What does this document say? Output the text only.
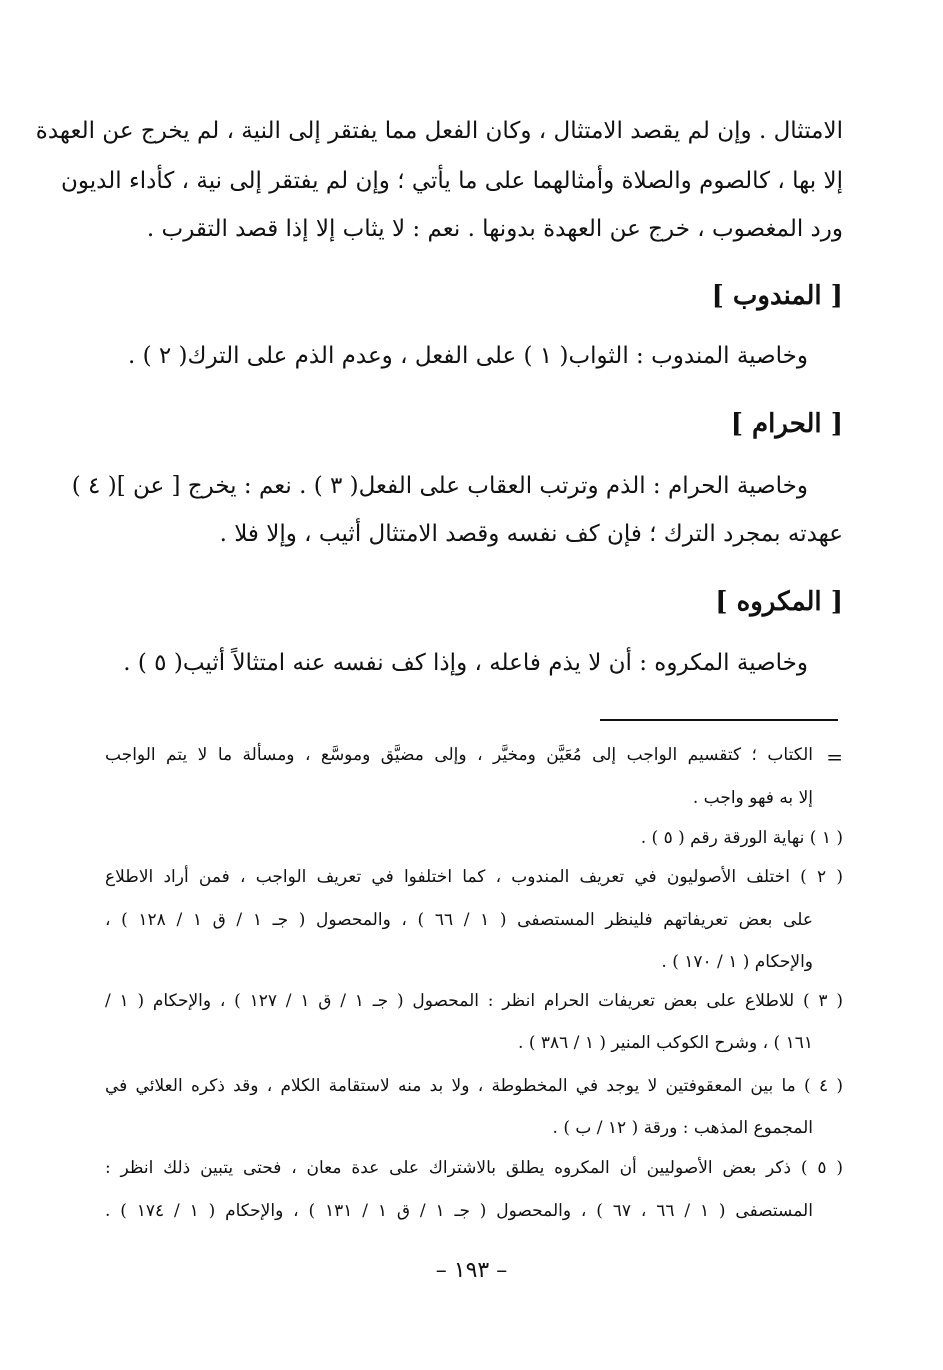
الامتثال . وإن لم يقصد الامتثال ، وكان الفعل مما يفتقر إلى النية ، لم يخرج عن العهدة
إلا بها ، كالصوم والصلاة وأمثالهما على ما يأتي ؛ وإن لم يفتقر إلى نية ، كأداء الديون
ورد المغصوب ، خرج عن العهدة بدونها . نعم : لا يثاب إلا إذا قصد التقرب .
[ المندوب ]
وخاصية المندوب : الثواب( ١ ) على الفعل ، وعدم الذم على الترك( ٢ ) .
[ الحرام ]
وخاصية الحرام : الذم وترتب العقاب على الفعل( ٣ ) . نعم : يخرج [ عن ]( ٤ )
عهدته بمجرد الترك ؛ فإن كف نفسه وقصد الامتثال أثيب ، وإلا فلا .
[ المكروه ]
وخاصية المكروه : أن لا يذم فاعله ، وإذا كف نفسه عنه امتثالاً أثيب( ٥ ) .
=
الكتاب ؛ كتقسيم الواجب إلى مُعَيَّن ومخيَّر ، وإلى مضيَّق وموسَّع ، ومسألة ما لا يتم الواجب
إلا به فهو واجب .
( ١ ) نهاية الورقة رقم ( ٥ ) .
( ٢ ) اختلف الأصوليون في تعريف المندوب ، كما اختلفوا في تعريف الواجب ، فمن أراد الاطلاع
على بعض تعريفاتهم فلينظر المستصفى ( ١ / ٦٦ ) ، والمحصول ( جـ ١ / ق ١ / ١٢٨ ) ،
والإحكام ( ١ / ١٧٠ ) .
( ٣ ) للاطلاع على بعض تعريفات الحرام انظر : المحصول ( جـ ١ / ق ١ / ١٢٧ ) ، والإحكام ( ١ /
١٦١ ) ، وشرح الكوكب المنير ( ١ / ٣٨٦ ) .
( ٤ ) ما بين المعقوفتين لا يوجد في المخطوطة ، ولا بد منه لاستقامة الكلام ، وقد ذكره العلائي في
المجموع المذهب : ورقة ( ١٢ / ب ) .
( ٥ ) ذكر بعض الأصوليين أن المكروه يطلق بالاشتراك على عدة معان ، فحتى يتبين ذلك انظر :
المستصفى ( ١ / ٦٦ ، ٦٧ ) ، والمحصول ( جـ ١ / ق ١ / ١٣١ ) ، والإحكام ( ١ / ١٧٤ ) .
– ١٩٣ –
